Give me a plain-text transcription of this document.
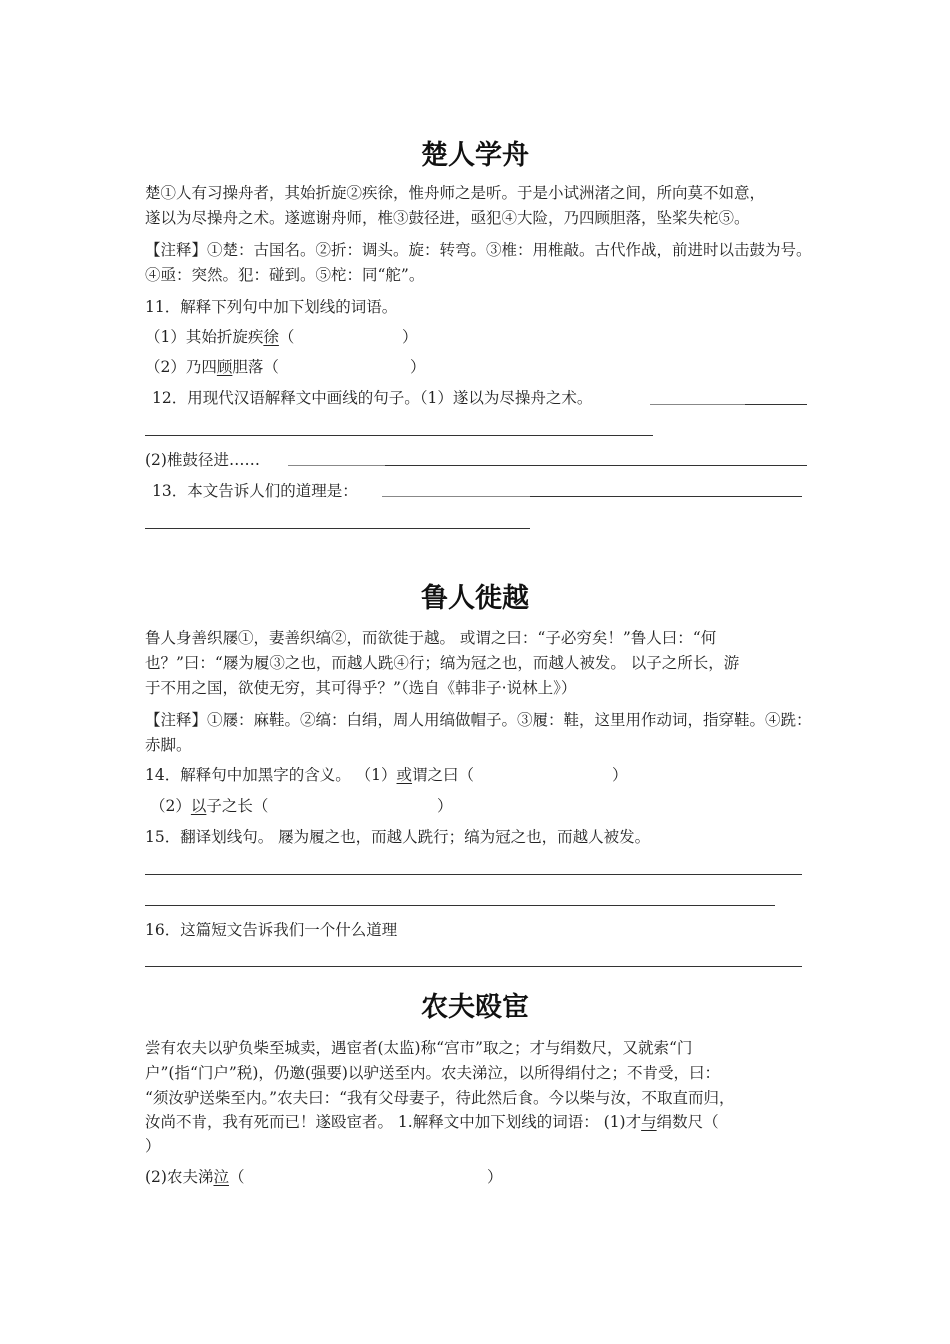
楚人学舟
楚①人有习操舟者，其始折旋②疾徐，惟舟师之是听。于是小试洲渚之间，所向莫不如意，
遂以为尽操舟之术。遂遮谢舟师，椎③鼓径进，亟犯④大险，乃四顾胆落，坠桨失柁⑤。
【注释】①楚：古国名。②折：调头。旋：转弯。③椎：用椎敲。古代作战，前进时以击鼓为号。
④亟：突然。犯：碰到。⑤柁：同“舵”。
11．解释下列句中加下划线的词语。
（1）其始折旋疾徐（	）
（2）乃四顾胆落（	）
12．用现代汉语解释文中画线的句子。（1）遂以为尽操舟之术。
(2)椎鼓径进……
13．本文告诉人们的道理是：
鲁人徙越
鲁人身善织屦①，妻善织缟②，而欲徙于越。 或谓之曰：“子必穷矣！”鲁人曰：“何
也？”曰：“屦为履③之也，而越人跣④行；缟为冠之也，而越人被发。 以子之所长，游
于不用之国，欲使无穷，其可得乎？”（选自《韩非子·说林上》）
【注释】①屦：麻鞋。②缟：白绢，周人用缟做帽子。③履：鞋，这里用作动词，指穿鞋。④跣：
赤脚。
14．解释句中加黑字的含义。 （1）或谓之曰（	）
（2）以子之长（	）
15．翻译划线句。 屦为履之也，而越人跣行；缟为冠之也，而越人被发。
16．这篇短文告诉我们一个什么道理
农夫殴宦
尝有农夫以驴负柴至城卖，遇宦者(太监)称“宫市”取之；才与绢数尺，又就索“门
户”(指“门户”税)，仍邀(强要)以驴送至内。农夫涕泣，以所得绢付之；不肯受，曰：
“须汝驴送柴至内。”农夫曰：“我有父母妻子，待此然后食。今以柴与汝，不取直而归，
汝尚不肯，我有死而已！遂殴宦者。 1.解释文中加下划线的词语： (1)才与绢数尺（
）
(2)农夫涕泣（	）
